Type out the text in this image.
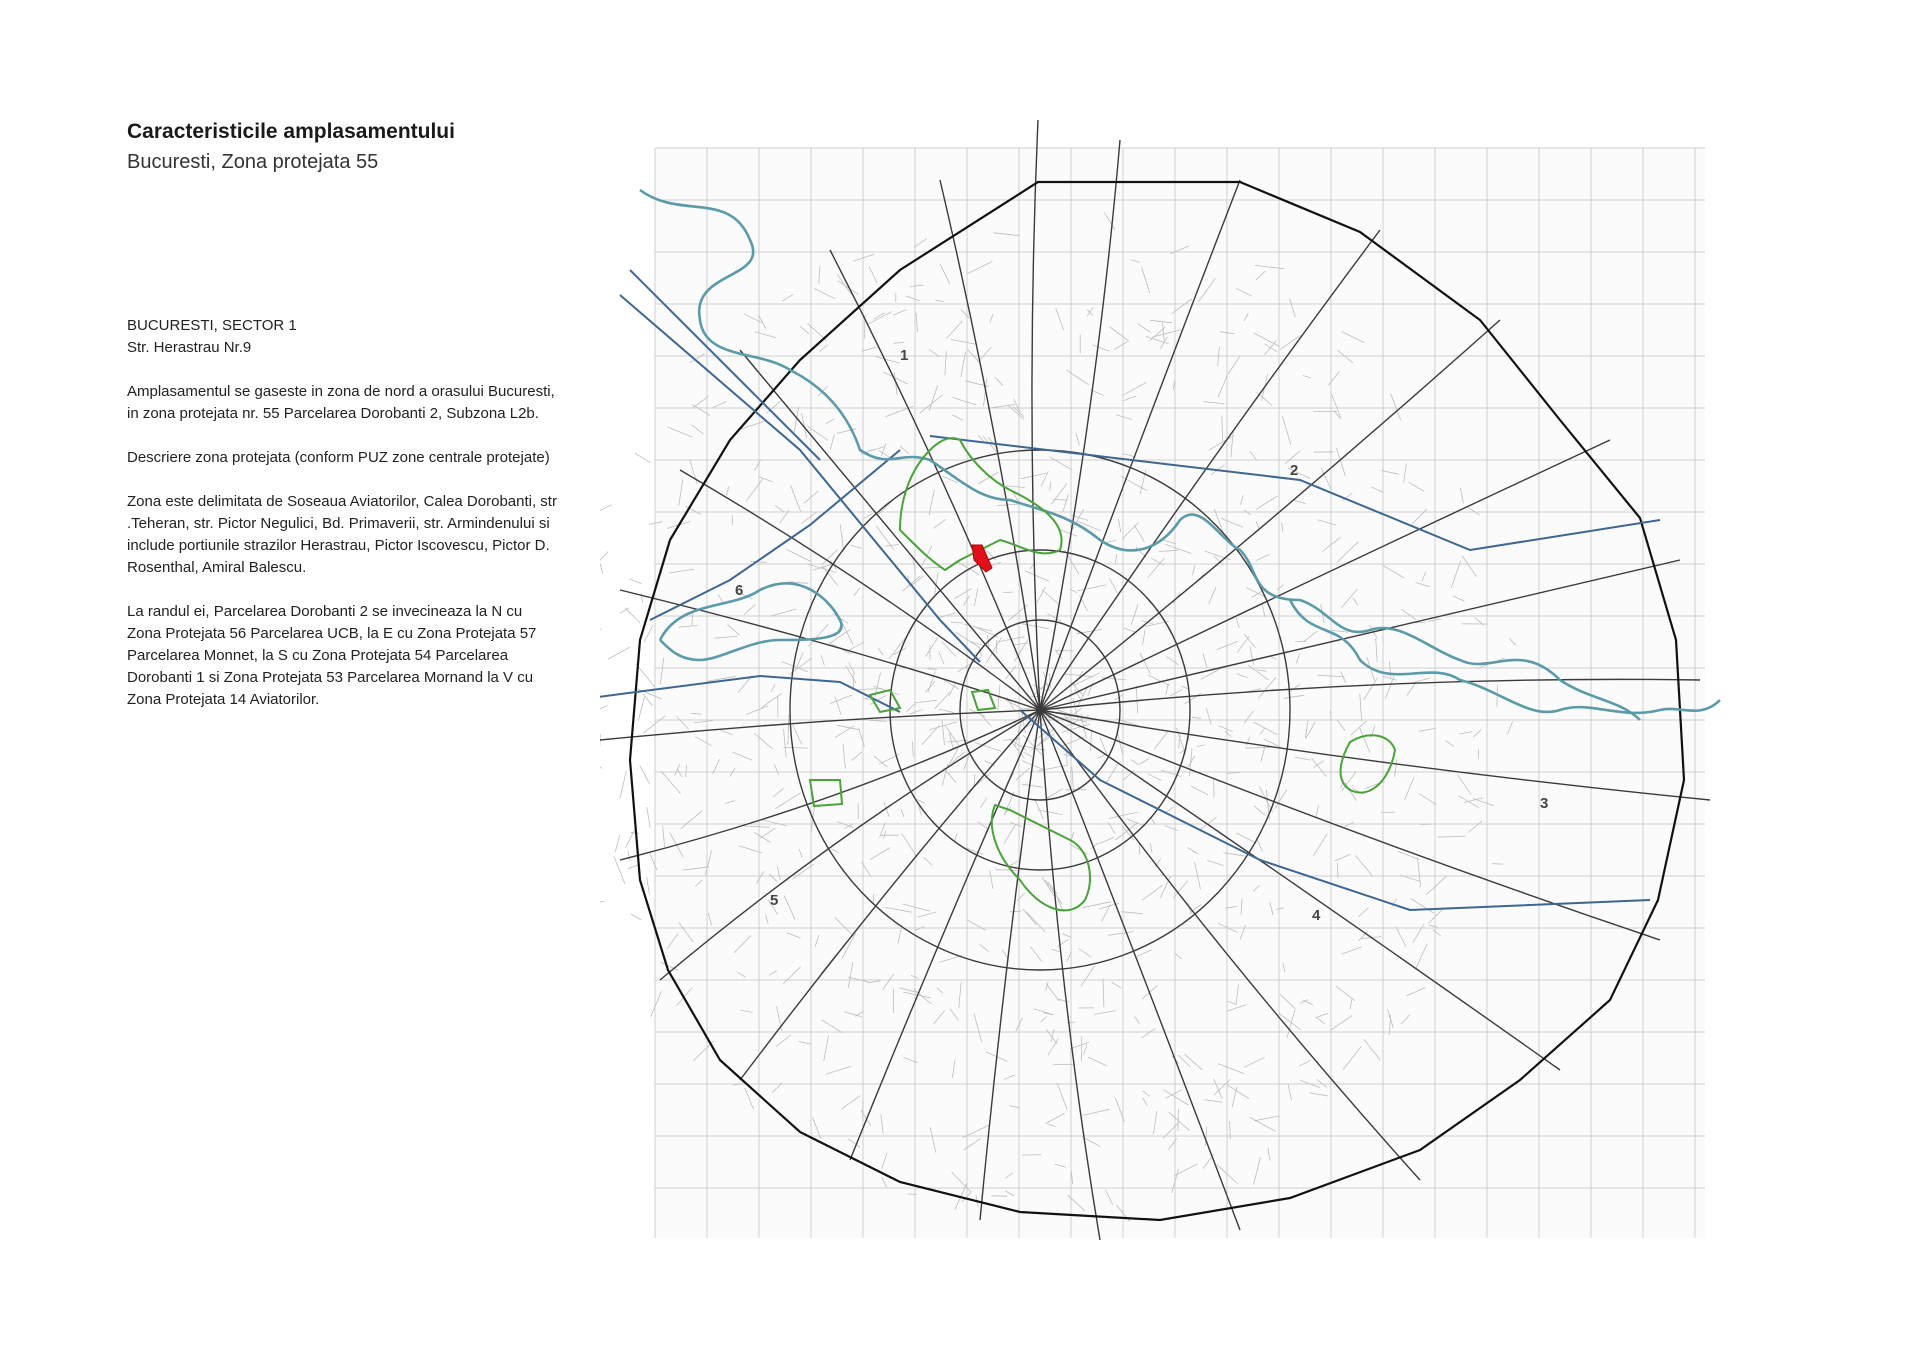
Caracteristicile amplasamentului
Bucuresti, Zona protejata 55

BUCURESTI, SECTOR 1
Str. Herastrau Nr.9

Amplasamentul se gaseste in zona de nord a orasului Bucuresti, in zona protejata nr. 55 Parcelarea Dorobanti 2, Subzona L2b.

Descriere zona protejata (conform PUZ zone centrale protejate)

Zona este delimitata de Soseaua Aviatorilor, Calea Dorobanti, str .Teheran, str. Pictor Negulici, Bd. Primaverii, str. Armindenului si include portiunile strazilor Herastrau, Pictor Iscovescu, Pictor D. Rosenthal, Amiral Balescu.

La randul ei, Parcelarea Dorobanti 2 se invecineaza la N cu Zona Protejata 56 Parcelarea UCB, la E cu Zona Protejata 57 Parcelarea Monnet, la S cu Zona Protejata 54 Parcelarea Dorobanti 1 si Zona Protejata 53 Parcelarea Mornand la V cu Zona Protejata 14 Aviatorilor.

1
2
3
4
5
6
